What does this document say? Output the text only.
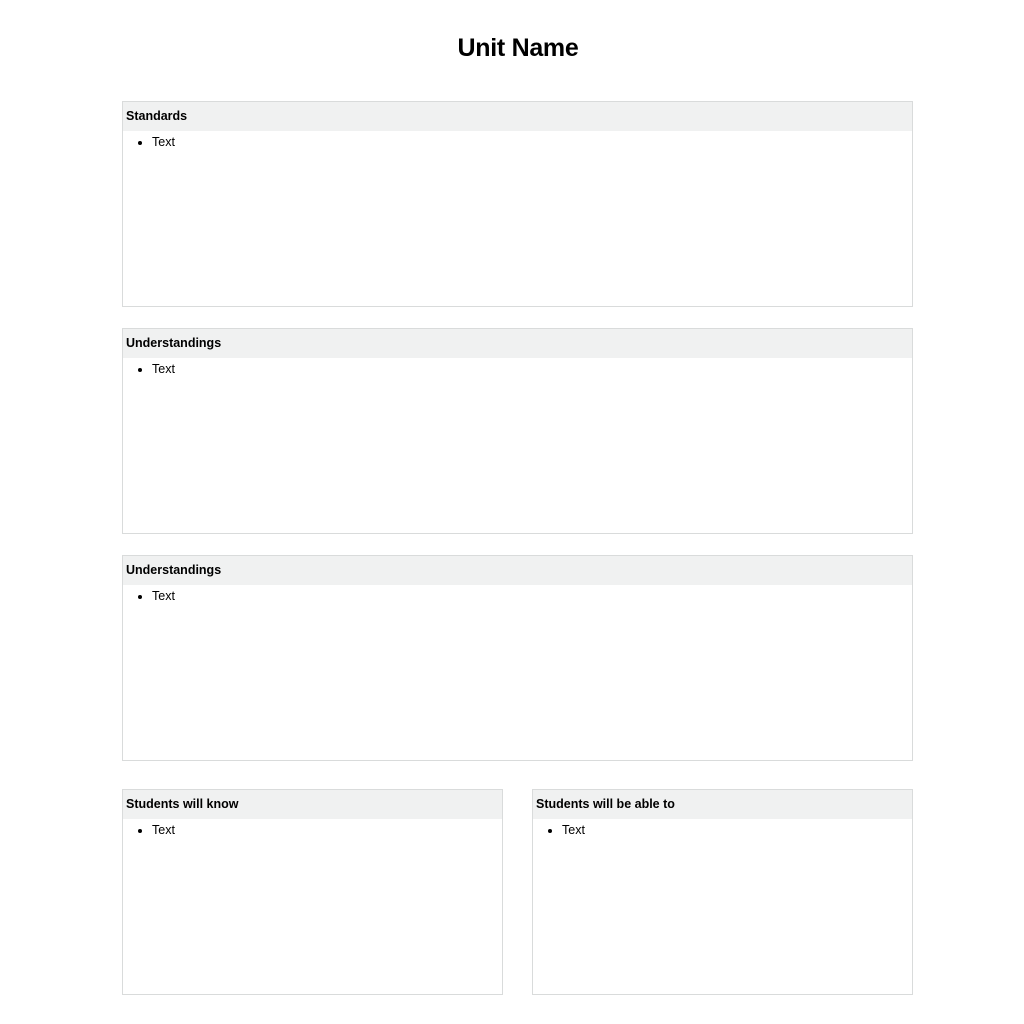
Unit Name
Standards
• Text
Understandings
• Text
Understandings
• Text
Students will know
• Text
Students will be able to
• Text
